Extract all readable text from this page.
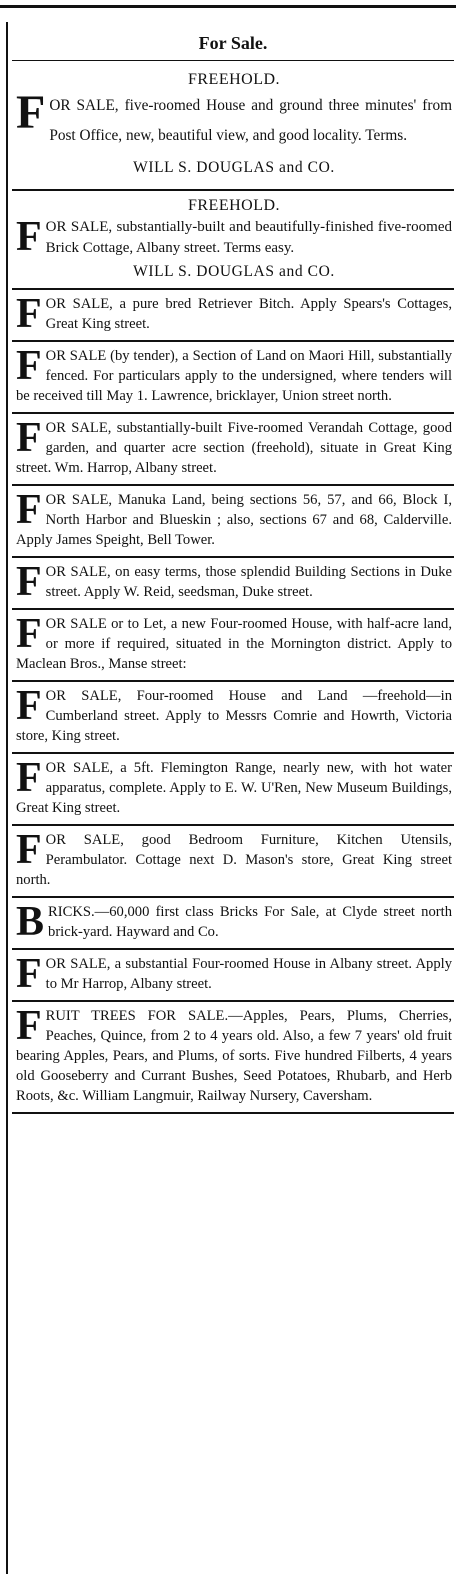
For Sale.
FREEHOLD.
F OR SALE, five-roomed House and ground three minutes' from Post Office, new, beautiful view, and good locality. Terms.
WILL S. DOUGLAS and CO.
FREEHOLD.
F OR SALE, substantially-built and beautifully-finished five-roomed Brick Cottage, Albany street. Terms easy.
WILL S. DOUGLAS and CO.
F OR SALE, a pure bred Retriever Bitch. Apply Spears's Cottages, Great King street.
F OR SALE (by tender), a Section of Land on Maori Hill, substantially fenced. For particulars apply to the undersigned, where tenders will be received till May 1. Lawrence, bricklayer, Union street north.
F OR SALE, substantially-built Five-roomed Verandah Cottage, good garden, and quarter acre section (freehold), situate in Great King street. Wm. Harrop, Albany street.
F OR SALE, Manuka Land, being sections 56, 57, and 66, Block I, North Harbor and Blueskin ; also, sections 67 and 68, Calderville. Apply James Speight, Bell Tower.
F OR SALE, on easy terms, those splendid Building Sections in Duke street. Apply W. Reid, seedsman, Duke street.
F OR SALE or to Let, a new Four-roomed House, with half-acre land, or more if required, situated in the Mornington district. Apply to Maclean Bros., Manse street:
F OR SALE, Four-roomed House and Land —freehold—in Cumberland street. Apply to Messrs Comrie and Howrth, Victoria store, King street.
F OR SALE, a 5ft. Flemington Range, nearly new, with hot water apparatus, complete. Apply to E. W. U'Ren, New Museum Buildings, Great King street.
F OR SALE, good Bedroom Furniture, Kitchen Utensils, Perambulator. Cottage next D. Mason's store, Great King street north.
B RICKS.—60,000 first class Bricks For Sale, at Clyde street north brick-yard. Hayward and Co.
F OR SALE, a substantial Four-roomed House in Albany street. Apply to Mr Harrop, Albany street.
F RUIT TREES FOR SALE.—Apples, Pears, Plums, Cherries, Peaches, Quince, from 2 to 4 years old. Also, a few 7 years' old fruit bearing Apples, Pears, and Plums, of sorts. Five hundred Filberts, 4 years old Gooseberry and Currant Bushes, Seed Potatoes, Rhubarb, and Herb Roots, &c. William Langmuir, Railway Nursery, Caversham.
